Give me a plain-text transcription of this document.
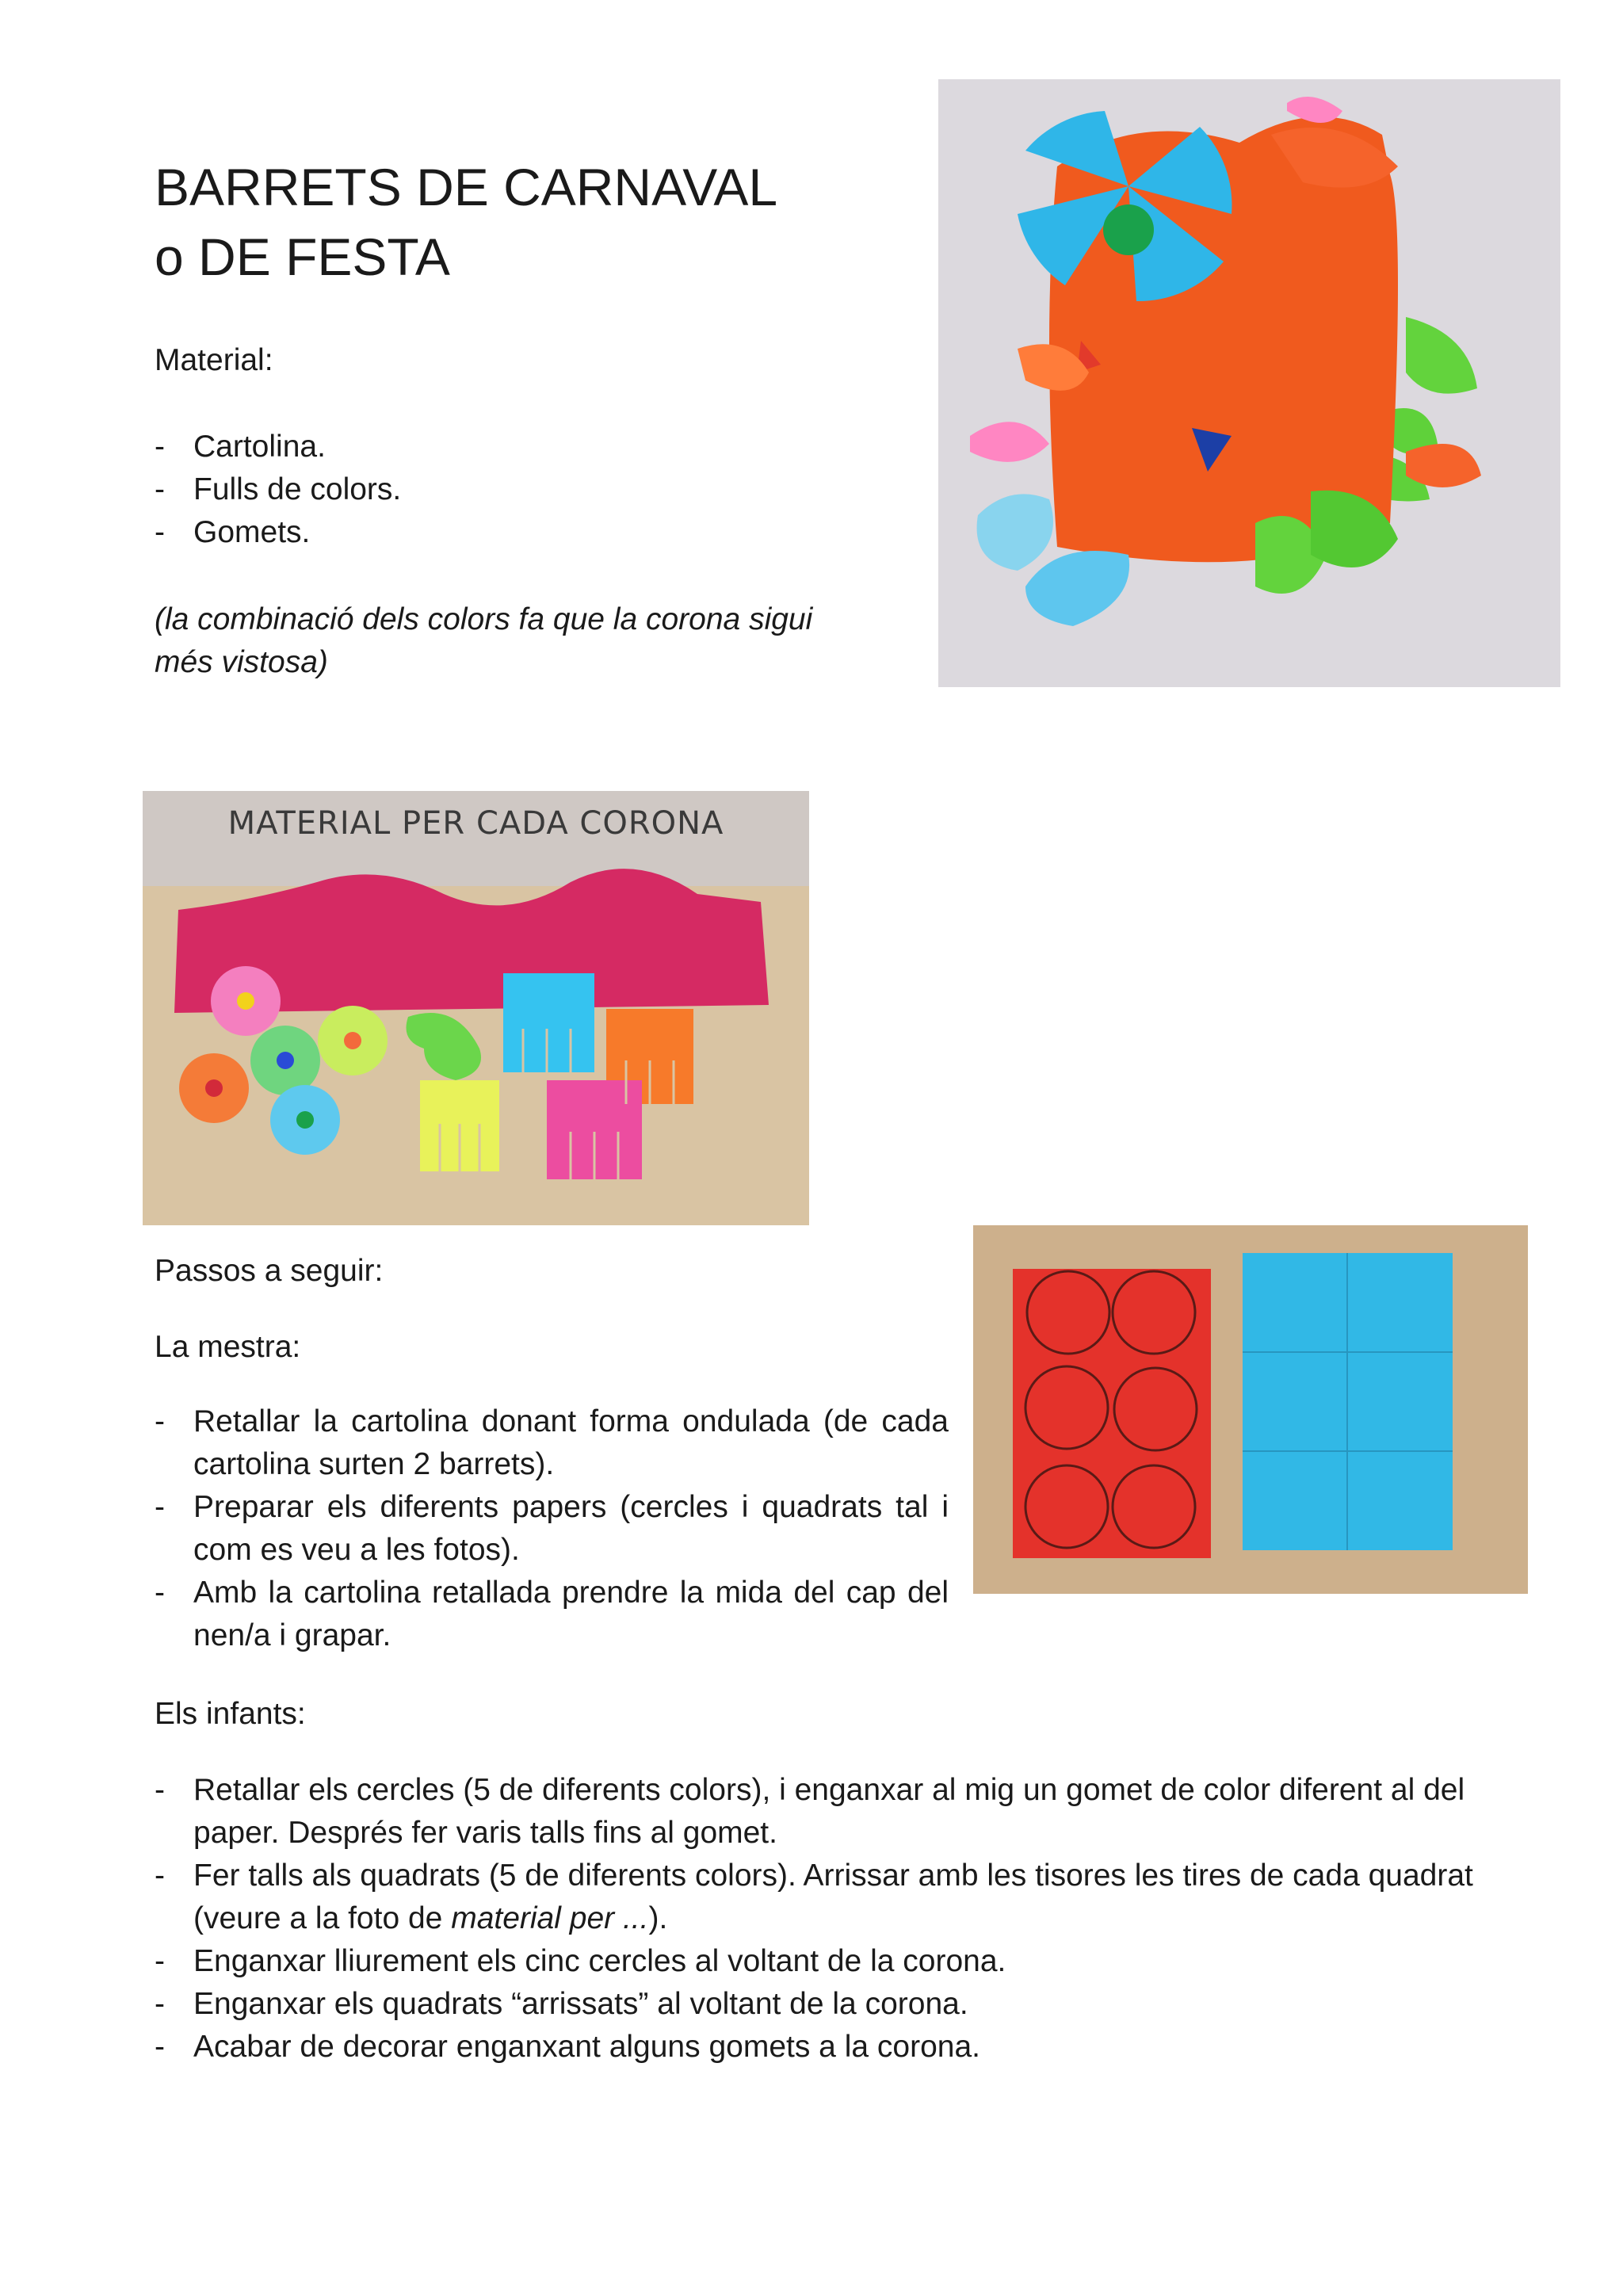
BARRETS DE CARNAVAL
o DE FESTA

Material:

- Cartolina.
- Fulls de colors.
- Gomets.

(la combinació dels colors fa que la corona sigui
més vistosa)

MATERIAL PER CADA CORONA

Passos a seguir:

La mestra:

- Retallar la cartolina donant forma ondulada (de cada cartolina surten 2 barrets).
- Preparar els diferents papers (cercles i quadrats tal i com es veu a les fotos).
- Amb la cartolina retallada prendre la mida del cap del nen/a i grapar.

Els infants:

- Retallar els cercles (5 de diferents colors), i enganxar al mig un gomet de color diferent al del paper. Després fer varis talls fins al gomet.
- Fer talls als quadrats (5 de diferents colors). Arrissar amb les tisores les tires de cada quadrat (veure a la foto de material per ...).
- Enganxar lliurement els cinc cercles al voltant de la corona.
- Enganxar els quadrats “arrissats” al voltant de la corona.
- Acabar de decorar enganxant alguns gomets a la corona.
